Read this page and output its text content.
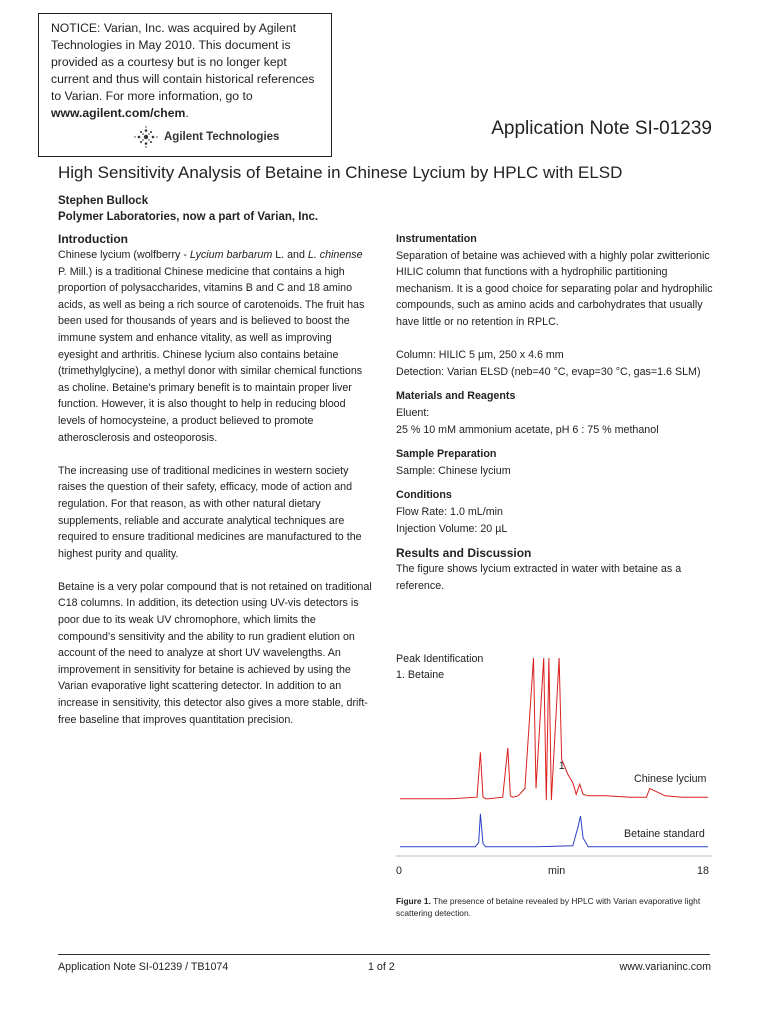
NOTICE: Varian, Inc. was acquired by Agilent Technologies in May 2010. This document is provided as a courtesy but is no longer kept current and thus will contain historical references to Varian. For more information, go to www.agilent.com/chem.
Agilent Technologies	Application Note SI-01239
High Sensitivity Analysis of Betaine in Chinese Lycium by HPLC with ELSD
Stephen Bullock
Polymer Laboratories, now a part of Varian, Inc.
Introduction

Chinese lycium (wolfberry - Lycium barbarum L. and L. chinense P. Mill.) is a traditional Chinese medicine that contains a high proportion of polysaccharides, vitamins B and C and 18 amino acids, as well as being a rich source of carotenoids. The fruit has been used for thousands of years and is believed to boost the immune system and enhance vitality, as well as improving eyesight and arthritis. Chinese lycium also contains betaine (trimethylglycine), a methyl donor with similar chemical functions as choline. Betaine’s primary benefit is to maintain proper liver function. However, it is also thought to help in reducing blood levels of homocysteine, a product believed to promote atherosclerosis and osteoporosis.

The increasing use of traditional medicines in western society raises the question of their safety, efficacy, mode of action and regulation. For that reason, as with other natural dietary supplements, reliable and accurate analytical techniques are required to ensure traditional medicines are manufactured to the highest purity and quality.

Betaine is a very polar compound that is not retained on traditional C18 columns. In addition, its detection using UV-vis detectors is poor due to its weak UV chromophore, which limits the compound’s sensitivity and the ability to run gradient elution on account of the need to analyze at short UV wavelengths. An improvement in sensitivity for betaine is achieved by using the Varian evaporative light scattering detector. In addition to an increase in sensitivity, this detector also gives a more stable, drift-free baseline that improves quantitation precision.

Instrumentation

Separation of betaine was achieved with a highly polar zwitterionic HILIC column that functions with a hydrophilic partitioning mechanism. It is a good choice for separating polar and hydrophilic compounds, such as amino acids and carbohydrates that usually have little or no retention in RPLC.

Column: HILIC 5 µm, 250 x 4.6 mm

Detection: Varian ELSD (neb=40 °C, evap=30 °C, gas=1.6 SLM)

Materials and Reagents

Eluent:

25 % 10 mM ammonium acetate, pH 6 : 75 % methanol

Sample Preparation

Sample: Chinese lycium

Conditions

Flow Rate: 1.0 mL/min

Injection Volume: 20 µL

Results and Discussion

The figure shows lycium extracted in water with betaine as a reference.

Peak Identification
1. Betaine
Chinese lycium
Betaine standard
1
0	min	18
Figure 1. The presence of betaine revealed by HPLC with Varian evaporative light scattering detection.
Application Note SI-01239 / TB1074	1 of 2	www.varianinc.com
